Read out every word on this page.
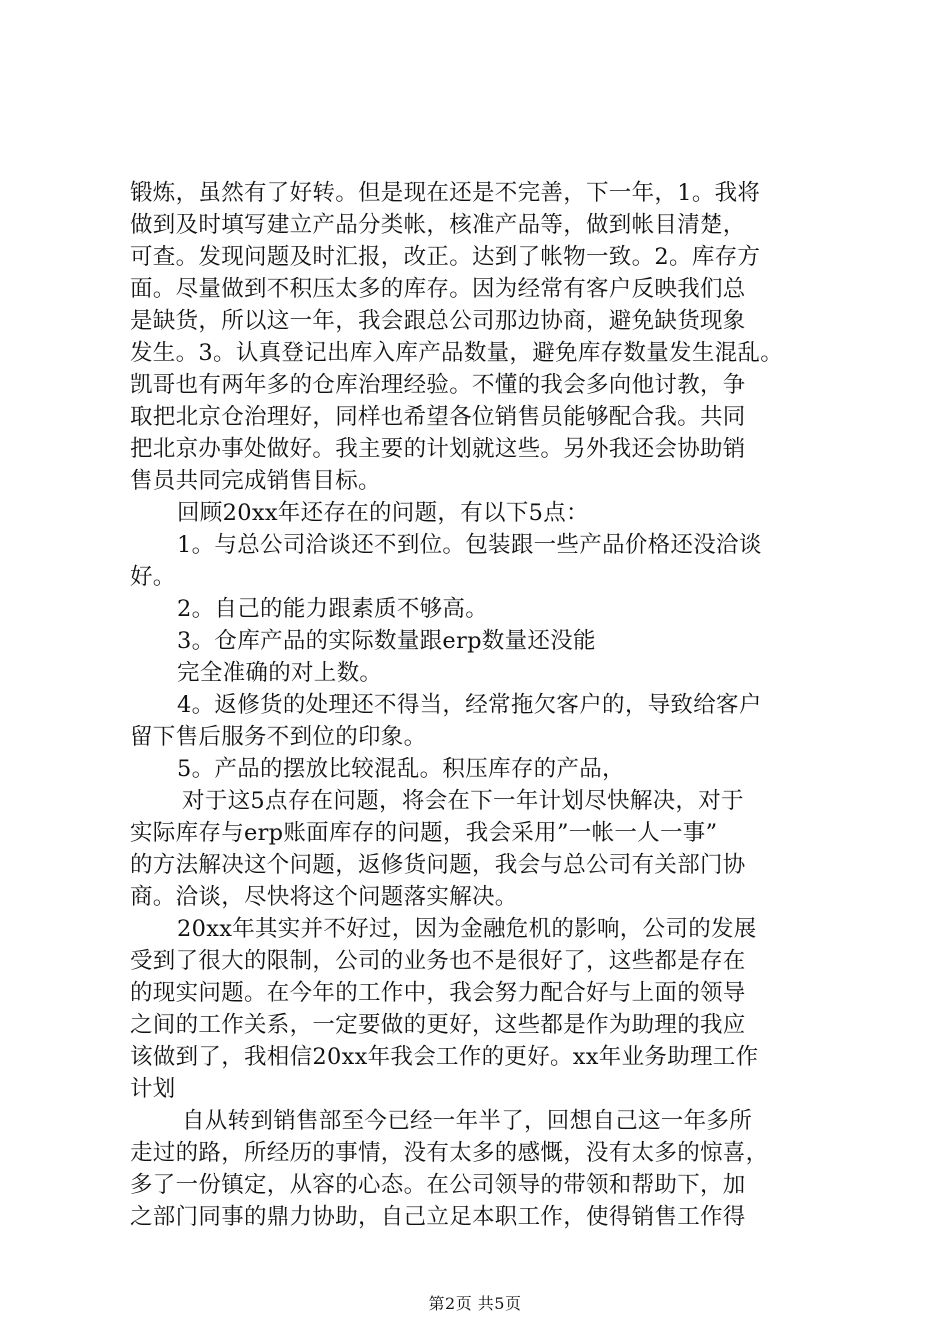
锻炼，虽然有了好转。但是现在还是不完善，下一年，1。我将
做到及时填写建立产品分类帐，核准产品等，做到帐目清楚，
可查。发现问题及时汇报，改正。达到了帐物一致。2。库存方
面。尽量做到不积压太多的库存。因为经常有客户反映我们总
是缺货，所以这一年，我会跟总公司那边协商，避免缺货现象
发生。3。认真登记出库入库产品数量，避免库存数量发生混乱。
凯哥也有两年多的仓库治理经验。不懂的我会多向他讨教，争
取把北京仓治理好，同样也希望各位销售员能够配合我。共同
把北京办事处做好。我主要的计划就这些。另外我还会协助销
售员共同完成销售目标。
回顾20xx年还存在的问题，有以下5点：
1。与总公司洽谈还不到位。包装跟一些产品价格还没洽谈
好。
2。自己的能力跟素质不够高。
3。仓库产品的实际数量跟erp数量还没能
完全准确的对上数。
4。返修货的处理还不得当，经常拖欠客户的，导致给客户
留下售后服务不到位的印象。
5。产品的摆放比较混乱。积压库存的产品，
对于这5点存在问题，将会在下一年计划尽快解决，对于
实际库存与erp账面库存的问题，我会采用”一帐一人一事”
的方法解决这个问题，返修货问题，我会与总公司有关部门协
商。洽谈，尽快将这个问题落实解决。
20xx年其实并不好过，因为金融危机的影响，公司的发展
受到了很大的限制，公司的业务也不是很好了，这些都是存在
的现实问题。在今年的工作中，我会努力配合好与上面的领导
之间的工作关系，一定要做的更好，这些都是作为助理的我应
该做到了，我相信20xx年我会工作的更好。xx年业务助理工作
计划
自从转到销售部至今已经一年半了，回想自己这一年多所
走过的路，所经历的事情，没有太多的感慨，没有太多的惊喜，
多了一份镇定，从容的心态。在公司领导的带领和帮助下，加
之部门同事的鼎力协助，自己立足本职工作，使得销售工作得
第2页 共5页
